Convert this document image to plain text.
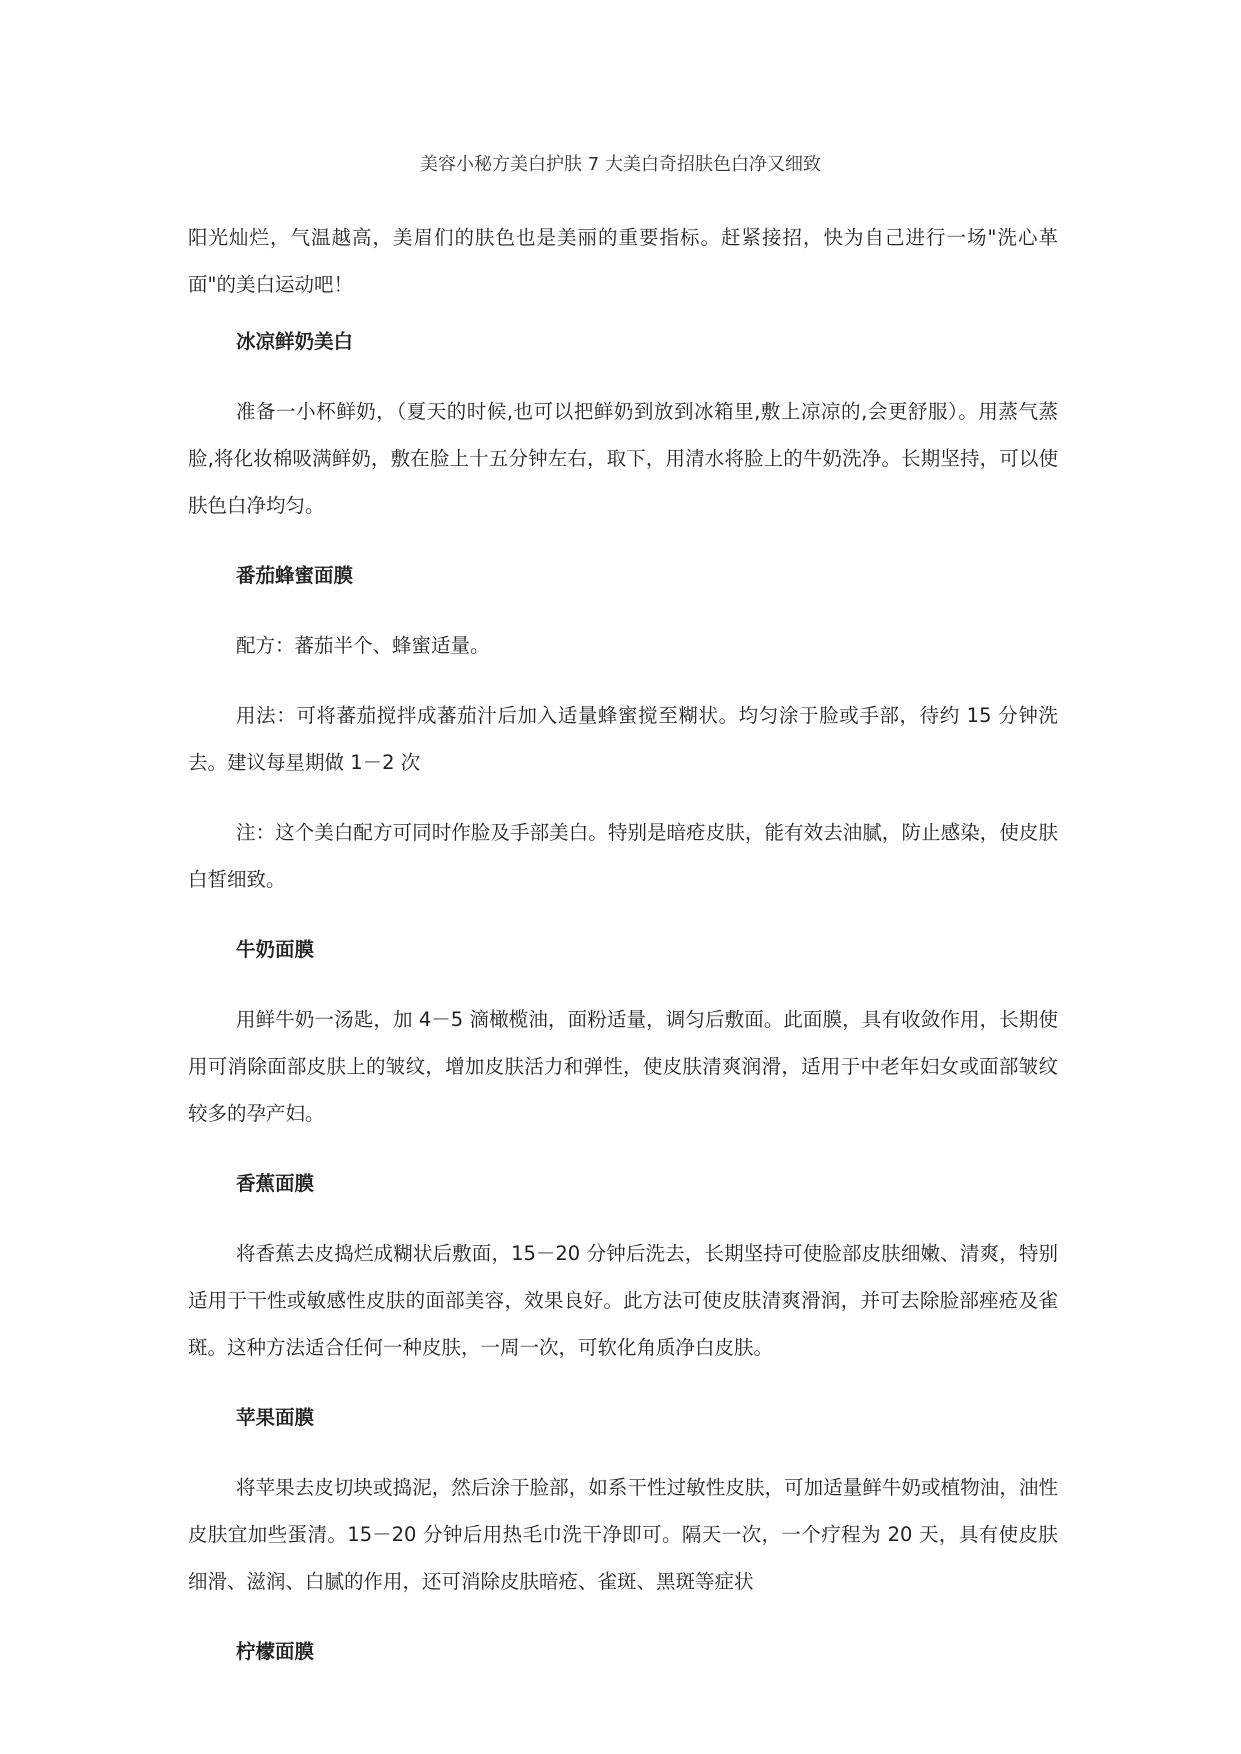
美容小秘方美白护肤 7 大美白奇招肤色白净又细致

阳光灿烂，气温越高，美眉们的肤色也是美丽的重要指标。赶紧接招，快为自己进行一场"洗心革面"的美白运动吧！

冰凉鲜奶美白

准备一小杯鲜奶，（夏天的时候,也可以把鲜奶到放到冰箱里,敷上凉凉的,会更舒服）。用蒸气蒸脸,将化妆棉吸满鲜奶，敷在脸上十五分钟左右，取下，用清水将脸上的牛奶洗净。长期坚持，可以使肤色白净均匀。

番茄蜂蜜面膜

配方：蕃茄半个、蜂蜜适量。

用法：可将蕃茄搅拌成蕃茄汁后加入适量蜂蜜搅至糊状。均匀涂于脸或手部，待约 15 分钟洗去。建议每星期做 1－2 次

注：这个美白配方可同时作脸及手部美白。特别是暗疮皮肤，能有效去油腻，防止感染，使皮肤白皙细致。

牛奶面膜

用鲜牛奶一汤匙，加 4－5 滴橄榄油，面粉适量，调匀后敷面。此面膜，具有收敛作用，长期使用可消除面部皮肤上的皱纹，增加皮肤活力和弹性，使皮肤清爽润滑，适用于中老年妇女或面部皱纹较多的孕产妇。

香蕉面膜

将香蕉去皮捣烂成糊状后敷面，15－20 分钟后洗去，长期坚持可使脸部皮肤细嫩、清爽，特别适用于干性或敏感性皮肤的面部美容，效果良好。此方法可使皮肤清爽滑润，并可去除脸部痤疮及雀斑。这种方法适合任何一种皮肤，一周一次，可软化角质净白皮肤。

苹果面膜

将苹果去皮切块或捣泥，然后涂于脸部，如系干性过敏性皮肤，可加适量鲜牛奶或植物油，油性皮肤宜加些蛋清。15－20 分钟后用热毛巾洗干净即可。隔天一次，一个疗程为 20 天，具有使皮肤细滑、滋润、白腻的作用，还可消除皮肤暗疮、雀斑、黑斑等症状

柠檬面膜
